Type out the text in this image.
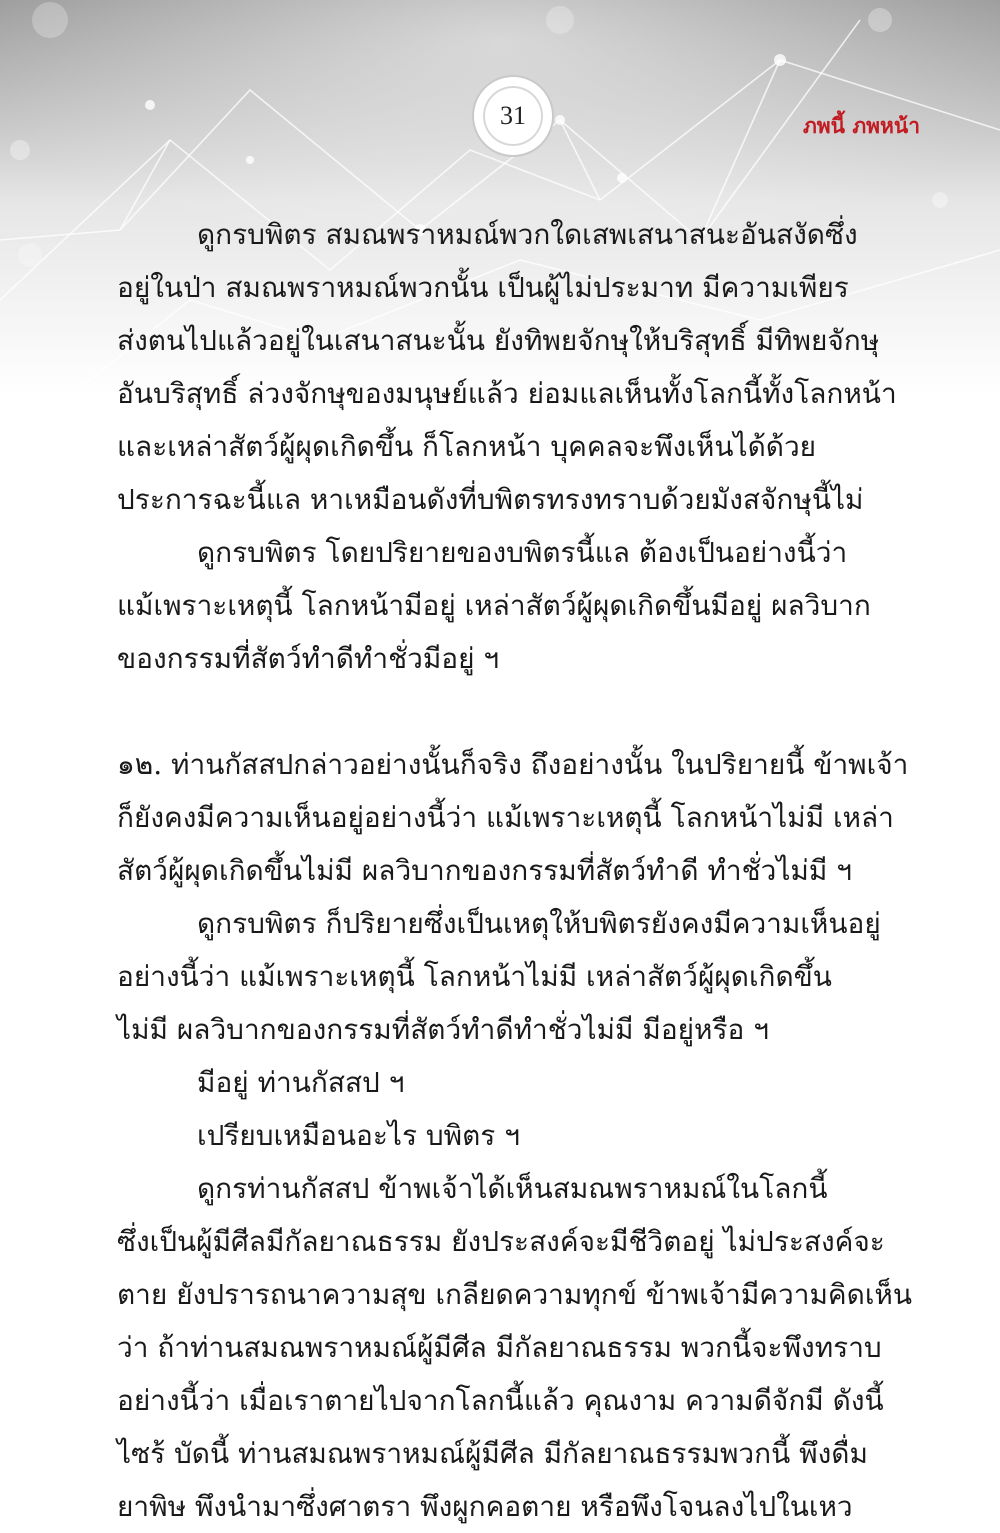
31	ภพนี้ ภพหน้า
ดูกรบพิตร สมณพราหมณ์พวกใดเสพเสนาสนะอันสงัดซึ่ง
อยู่ในป่า สมณพราหมณ์พวกนั้น เป็นผู้ไม่ประมาท มีความเพียร
ส่งตนไปแล้วอยู่ในเสนาสนะนั้น ยังทิพยจักษุให้บริสุทธิ์ มีทิพยจักษุ
อันบริสุทธิ์ ล่วงจักษุของมนุษย์แล้ว ย่อมแลเห็นทั้งโลกนี้ทั้งโลกหน้า
และเหล่าสัตว์ผู้ผุดเกิดขึ้น ก็โลกหน้า บุคคลจะพึงเห็นได้ด้วย
ประการฉะนี้แล หาเหมือนดังที่บพิตรทรงทราบด้วยมังสจักษุนี้ไม่
ดูกรบพิตร โดยปริยายของบพิตรนี้แล ต้องเป็นอย่างนี้ว่า
แม้เพราะเหตุนี้ โลกหน้ามีอยู่ เหล่าสัตว์ผู้ผุดเกิดขึ้นมีอยู่ ผลวิบาก
ของกรรมที่สัตว์ทำดีทำชั่วมีอยู่ ฯ
๑๒. ท่านกัสสปกล่าวอย่างนั้นก็จริง ถึงอย่างนั้น ในปริยายนี้ ข้าพเจ้า
ก็ยังคงมีความเห็นอยู่อย่างนี้ว่า แม้เพราะเหตุนี้ โลกหน้าไม่มี เหล่า
สัตว์ผู้ผุดเกิดขึ้นไม่มี ผลวิบากของกรรมที่สัตว์ทำดี ทำชั่วไม่มี ฯ
ดูกรบพิตร ก็ปริยายซึ่งเป็นเหตุให้บพิตรยังคงมีความเห็นอยู่
อย่างนี้ว่า แม้เพราะเหตุนี้ โลกหน้าไม่มี เหล่าสัตว์ผู้ผุดเกิดขึ้น
ไม่มี ผลวิบากของกรรมที่สัตว์ทำดีทำชั่วไม่มี มีอยู่หรือ ฯ
มีอยู่ ท่านกัสสป ฯ
เปรียบเหมือนอะไร บพิตร ฯ
ดูกรท่านกัสสป ข้าพเจ้าได้เห็นสมณพราหมณ์ในโลกนี้
ซึ่งเป็นผู้มีศีลมีกัลยาณธรรม ยังประสงค์จะมีชีวิตอยู่ ไม่ประสงค์จะ
ตาย ยังปรารถนาความสุข เกลียดความทุกข์ ข้าพเจ้ามีความคิดเห็น
ว่า ถ้าท่านสมณพราหมณ์ผู้มีศีล มีกัลยาณธรรม พวกนี้จะพึงทราบ
อย่างนี้ว่า เมื่อเราตายไปจากโลกนี้แล้ว คุณงาม ความดีจักมี ดังนี้
ไซร้ บัดนี้ ท่านสมณพราหมณ์ผู้มีศีล มีกัลยาณธรรมพวกนี้ พึงดื่ม
ยาพิษ พึงนำมาซึ่งศาตรา พึงผูกคอตาย หรือพึงโจนลงไปในเหว
